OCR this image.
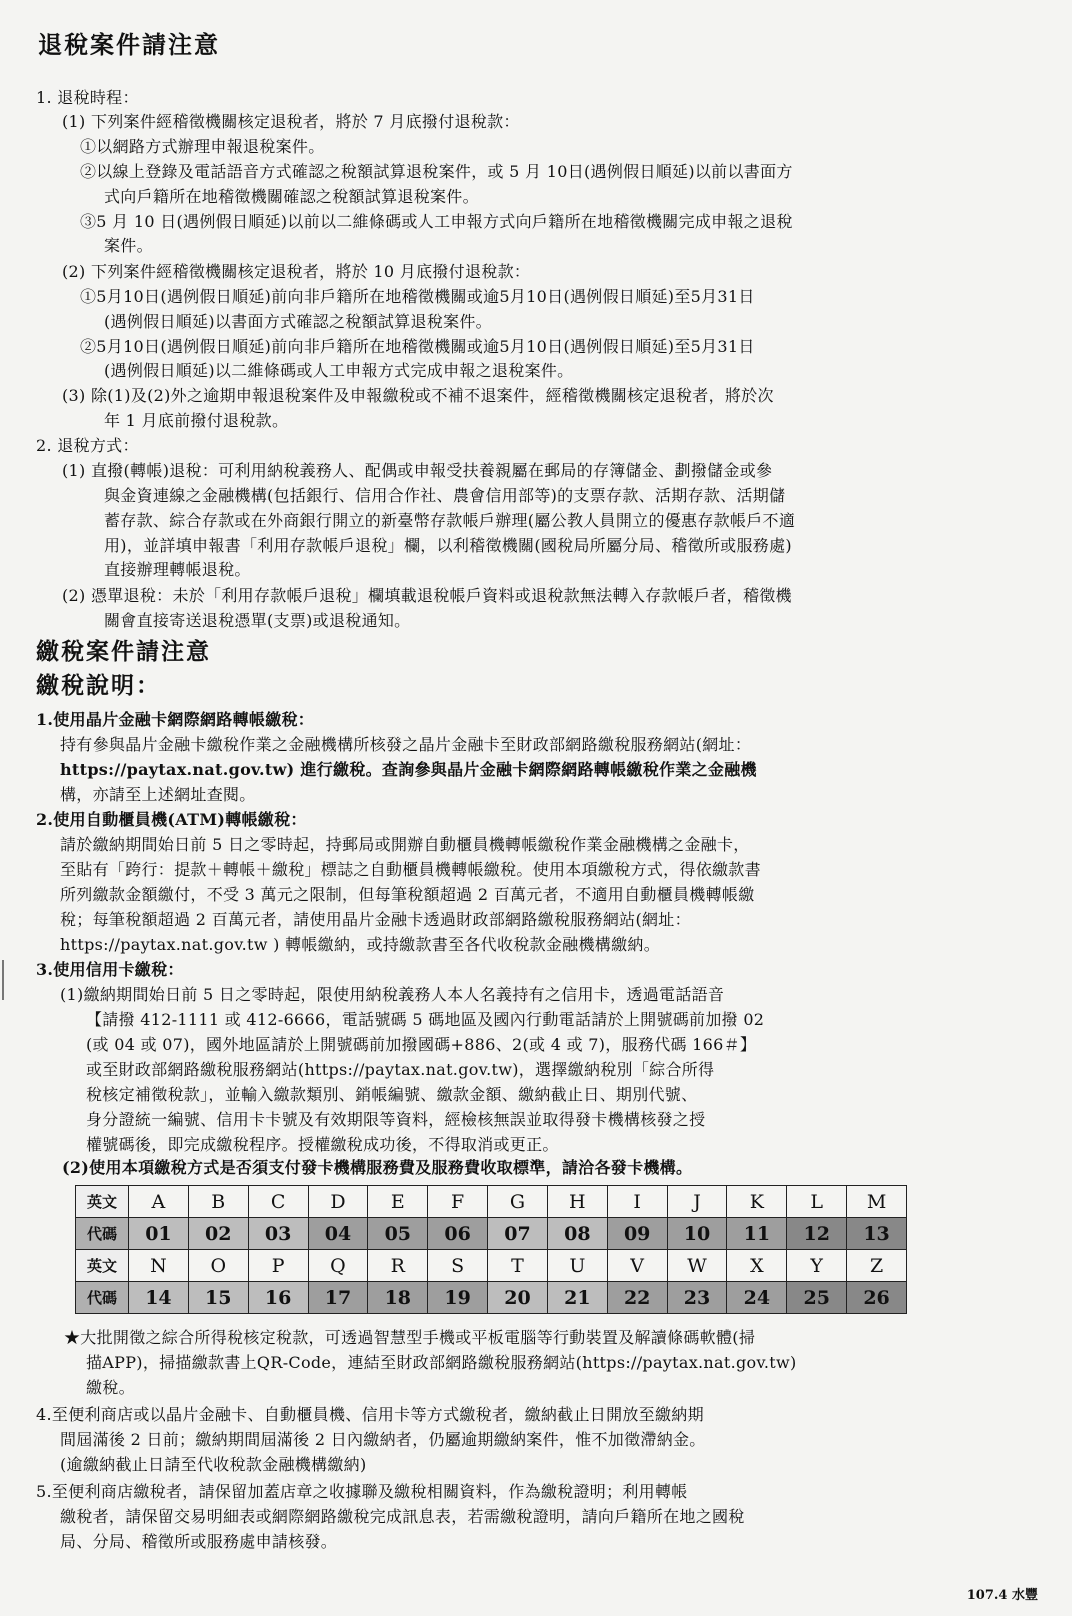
退稅案件請注意
1. 退稅時程：
(1) 下列案件經稽徵機關核定退稅者，將於 7 月底撥付退稅款：
①以網路方式辦理申報退稅案件。
②以線上登錄及電話語音方式確認之稅額試算退稅案件，或 5 月 10日(遇例假日順延)以前以書面方
式向戶籍所在地稽徵機關確認之稅額試算退稅案件。
③5 月 10 日(遇例假日順延)以前以二維條碼或人工申報方式向戶籍所在地稽徵機關完成申報之退稅
案件。
(2) 下列案件經稽徵機關核定退稅者，將於 10 月底撥付退稅款：
①5月10日(遇例假日順延)前向非戶籍所在地稽徵機關或逾5月10日(遇例假日順延)至5月31日
(遇例假日順延)以書面方式確認之稅額試算退稅案件。
②5月10日(遇例假日順延)前向非戶籍所在地稽徵機關或逾5月10日(遇例假日順延)至5月31日
(遇例假日順延)以二維條碼或人工申報方式完成申報之退稅案件。
(3) 除(1)及(2)外之逾期申報退稅案件及申報繳稅或不補不退案件，經稽徵機關核定退稅者，將於次
年 1 月底前撥付退稅款。
2. 退稅方式：
(1) 直撥(轉帳)退稅：可利用納稅義務人、配偶或申報受扶養親屬在郵局的存簿儲金、劃撥儲金或參
與金資連線之金融機構(包括銀行、信用合作社、農會信用部等)的支票存款、活期存款、活期儲
蓄存款、綜合存款或在外商銀行開立的新臺幣存款帳戶辦理(屬公教人員開立的優惠存款帳戶不適
用)，並詳填申報書「利用存款帳戶退稅」欄，以利稽徵機關(國稅局所屬分局、稽徵所或服務處)
直接辦理轉帳退稅。
(2) 憑單退稅：未於「利用存款帳戶退稅」欄填載退稅帳戶資料或退稅款無法轉入存款帳戶者，稽徵機
關會直接寄送退稅憑單(支票)或退稅通知。
繳稅案件請注意
繳稅說明：
1.使用晶片金融卡網際網路轉帳繳稅：
持有參與晶片金融卡繳稅作業之金融機構所核發之晶片金融卡至財政部網路繳稅服務網站(網址：
https://paytax.nat.gov.tw) 進行繳稅。查詢參與晶片金融卡網際網路轉帳繳稅作業之金融機
構，亦請至上述網址查閱。
2.使用自動櫃員機(ATM)轉帳繳稅：
請於繳納期間始日前 5 日之零時起，持郵局或開辦自動櫃員機轉帳繳稅作業金融機構之金融卡，
至貼有「跨行：提款＋轉帳＋繳稅」標誌之自動櫃員機轉帳繳稅。使用本項繳稅方式，得依繳款書
所列繳款金額繳付，不受 3 萬元之限制，但每筆稅額超過 2 百萬元者，不適用自動櫃員機轉帳繳
稅；每筆稅額超過 2 百萬元者，請使用晶片金融卡透過財政部網路繳稅服務網站(網址：
https://paytax.nat.gov.tw ) 轉帳繳納，或持繳款書至各代收稅款金融機構繳納。
3.使用信用卡繳稅：
(1)繳納期間始日前 5 日之零時起，限使用納稅義務人本人名義持有之信用卡，透過電話語音
【請撥 412-1111 或 412-6666，電話號碼 5 碼地區及國內行動電話請於上開號碼前加撥 02
(或 04 或 07)，國外地區請於上開號碼前加撥國碼+886、2(或 4 或 7)，服務代碼 166＃】
或至財政部網路繳稅服務網站(https://paytax.nat.gov.tw)，選擇繳納稅別「綜合所得
稅核定補徵稅款」，並輸入繳款類別、銷帳編號、繳款金額、繳納截止日、期別代號、
身分證統一編號、信用卡卡號及有效期限等資料，經檢核無誤並取得發卡機構核發之授
權號碼後，即完成繳稅程序。授權繳稅成功後，不得取消或更正。
(2)使用本項繳稅方式是否須支付發卡機構服務費及服務費收取標準，請洽各發卡機構。
英文	A	B	C	D	E	F	G	H	I	J	K	L	M
代碼	01	02	03	04	05	06	07	08	09	10	11	12	13
英文	N	O	P	Q	R	S	T	U	V	W	X	Y	Z
代碼	14	15	16	17	18	19	20	21	22	23	24	25	26
★大批開徵之綜合所得稅核定稅款，可透過智慧型手機或平板電腦等行動裝置及解讀條碼軟體(掃
描APP)，掃描繳款書上QR-Code，連結至財政部網路繳稅服務網站(https://paytax.nat.gov.tw)
繳稅。
4.至便利商店或以晶片金融卡、自動櫃員機、信用卡等方式繳稅者，繳納截止日開放至繳納期
間屆滿後 2 日前；繳納期間屆滿後 2 日內繳納者，仍屬逾期繳納案件，惟不加徵滯納金。
(逾繳納截止日請至代收稅款金融機構繳納)
5.至便利商店繳稅者，請保留加蓋店章之收據聯及繳稅相關資料，作為繳稅證明；利用轉帳
繳稅者，請保留交易明細表或網際網路繳稅完成訊息表，若需繳稅證明，請向戶籍所在地之國稅
局、分局、稽徵所或服務處申請核發。
107.4 水豐
